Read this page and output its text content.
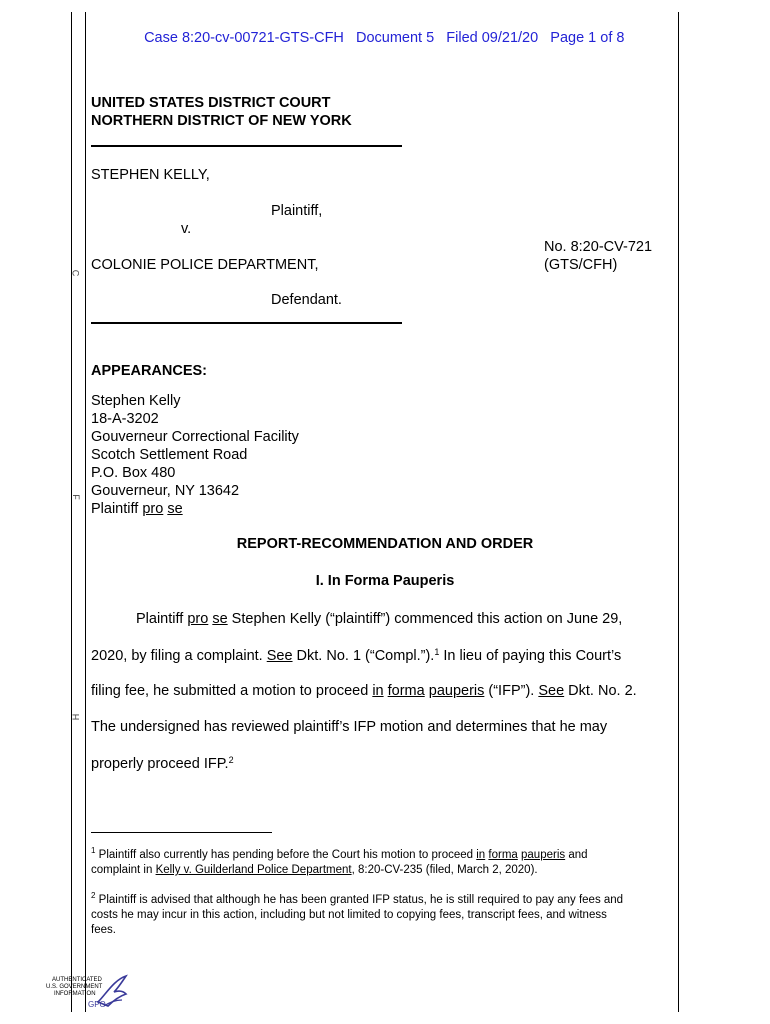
C
F
H

Case 8:20-cv-00721-GTS-CFH Document 5 Filed 09/21/20 Page 1 of 8

UNITED STATES DISTRICT COURT
NORTHERN DISTRICT OF NEW YORK
STEPHEN KELLY,
Plaintiff,
v.
COLONIE POLICE DEPARTMENT,
Defendant.
No. 8:20-CV-721
(GTS/CFH)
APPEARANCES:
Stephen Kelly
18-A-3202
Gouverneur Correctional Facility
Scotch Settlement Road
P.O. Box 480
Gouverneur, NY 13642
Plaintiff pro se
REPORT-RECOMMENDATION AND ORDER
I. In Forma Pauperis
Plaintiff pro se Stephen Kelly (“plaintiff”) commenced this action on June 29,
2020, by filing a complaint. See Dkt. No. 1 (“Compl.”).$^1$ In lieu of paying this Court’s
filing fee, he submitted a motion to proceed in forma pauperis (“IFP”). See Dkt. No. 2.
The undersigned has reviewed plaintiff’s IFP motion and determines that he may
properly proceed IFP.$^2$
$^1$ Plaintiff also currently has pending before the Court his motion to proceed in forma pauperis and
complaint in Kelly v. Guilderland Police Department, 8:20-CV-235 (filed, March 2, 2020).
$^2$ Plaintiff is advised that although he has been granted IFP status, he is still required to pay any fees and
costs he may incur in this action, including but not limited to copying fees, transcript fees, and witness
fees.
AUTHENTICATED
U.S. GOVERNMENT
INFORMATION
GPO
